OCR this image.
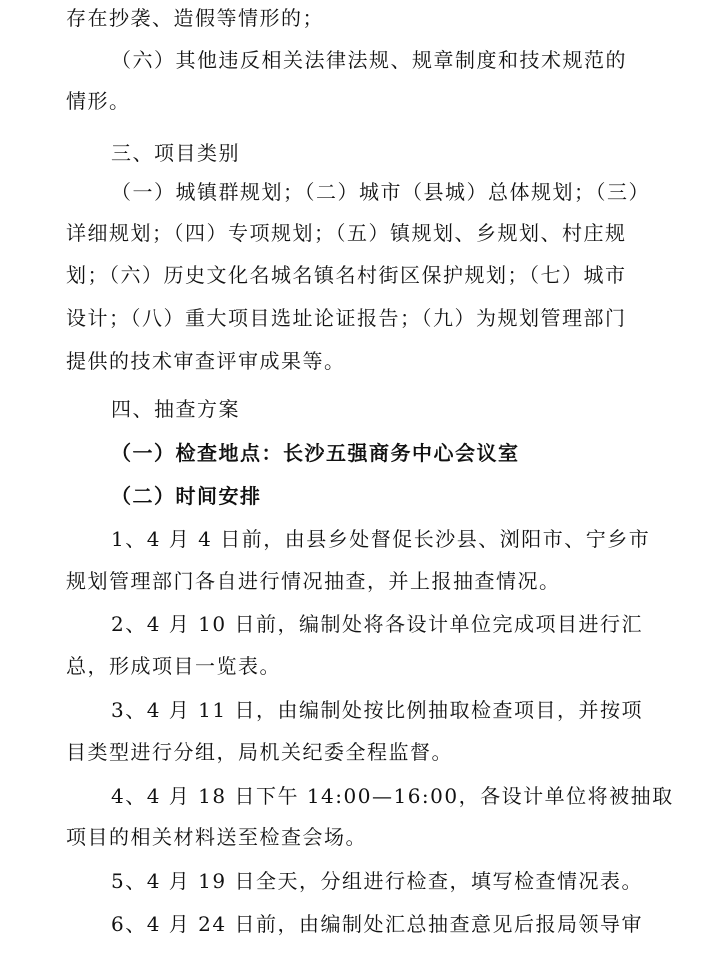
存在抄袭、造假等情形的；
（六）其他违反相关法律法规、规章制度和技术规范的
情形。
三、项目类别
（一）城镇群规划；（二）城市（县城）总体规划；（三）
详细规划；（四）专项规划；（五）镇规划、乡规划、村庄规
划；（六）历史文化名城名镇名村街区保护规划；（七）城市
设计；（八）重大项目选址论证报告；（九）为规划管理部门
提供的技术审查评审成果等。
四、抽查方案
（一）检查地点：长沙五强商务中心会议室
（二）时间安排
1、4 月 4 日前，由县乡处督促长沙县、浏阳市、宁乡市
规划管理部门各自进行情况抽查，并上报抽查情况。
2、4 月 10 日前，编制处将各设计单位完成项目进行汇
总，形成项目一览表。
3、4 月 11 日，由编制处按比例抽取检查项目，并按项
目类型进行分组，局机关纪委全程监督。
4、4 月 18 日下午 14:00—16:00，各设计单位将被抽取
项目的相关材料送至检查会场。
5、4 月 19 日全天，分组进行检查，填写检查情况表。
6、4 月 24 日前，由编制处汇总抽查意见后报局领导审
